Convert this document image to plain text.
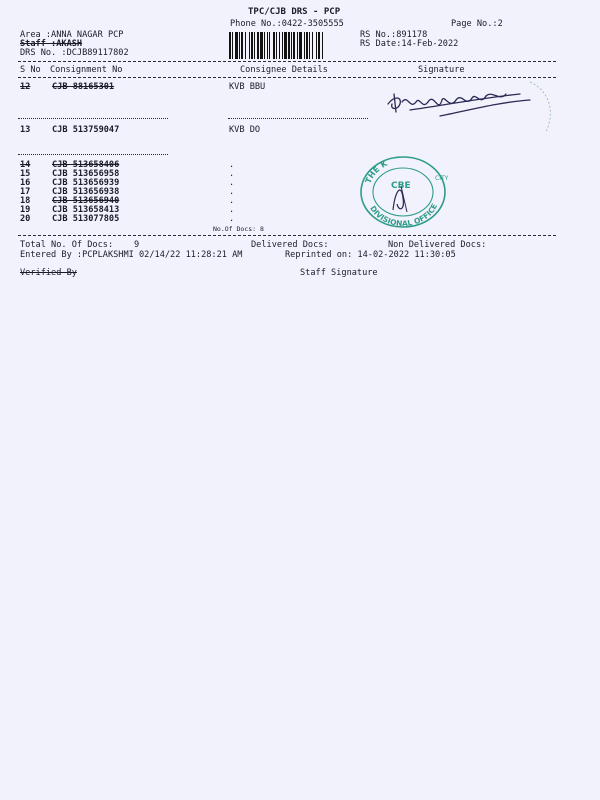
TPC/CJB DRS - PCP
Phone No.:0422-3505555	Page No.:2
Area :ANNA NAGAR PCP
Staff :AKASH
DRS No. :DCJB89117802
RS No.:891178
RS Date:14-Feb-2022
S No Consignment No	Consignee Details	Signature
12	CJB 88165301	KVB BBU
13	CJB 513759047	KVB DO
14	CJB 513658406	.
15	CJB 513656958	.
16	CJB 513656939	.
17	CJB 513656938	.
18	CJB 513656940	.
19	CJB 513658413	.
20	CJB 513077805	.
No.Of Docs: 8
THE K
CITY
CBE
DIVISIONAL OFFICE
Total No. Of Docs: 9	Delivered Docs:	Non Delivered Docs:
Entered By :PCPLAKSHMI 02/14/22 11:28:21 AM	Reprinted on: 14-02-2022 11:30:05
Verified By	Staff Signature
